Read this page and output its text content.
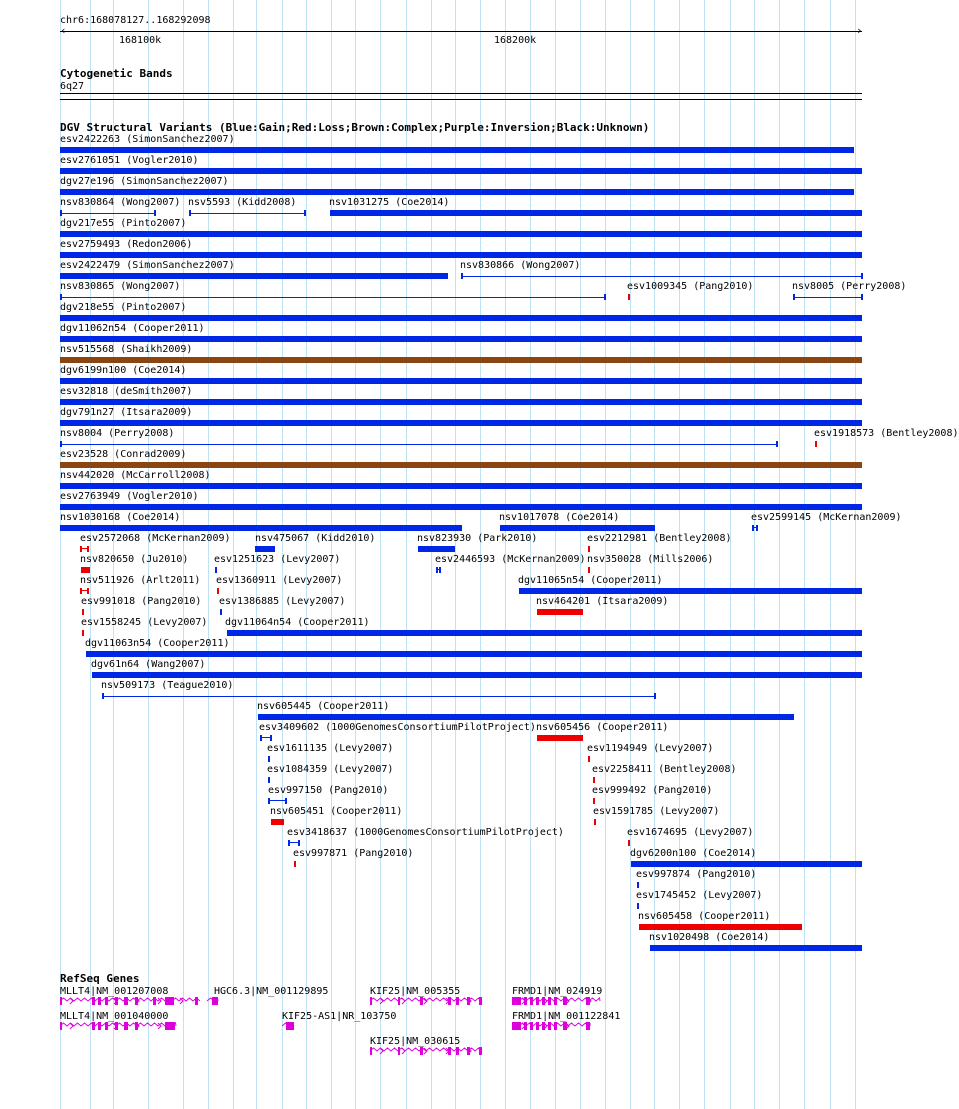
chr6:168078127..168292098
‹	›
168100k	168200k
Cytogenetic Bands
6q27
DGV Structural Variants (Blue:Gain;Red:Loss;Brown:Complex;Purple:Inversion;Black:Unknown)
esv2422263 (SimonSanchez2007)
esv2761051 (Vogler2010)
dgv27e196 (SimonSanchez2007)
nsv830864 (Wong2007) nsv5593 (Kidd2008)	nsv1031275 (Coe2014)
dgv217e55 (Pinto2007)
esv2759493 (Redon2006)
esv2422479 (SimonSanchez2007)	nsv830866 (Wong2007)
nsv830865 (Wong2007)	esv1009345 (Pang2010)	nsv8005 (Perry2008)
dgv218e55 (Pinto2007)
dgv11062n54 (Cooper2011)
nsv515568 (Shaikh2009)
dgv6199n100 (Coe2014)
esv32818 (deSmith2007)
dgv791n27 (Itsara2009)
nsv8004 (Perry2008)	esv1918573 (Bentley2008)
esv23528 (Conrad2009)
nsv442020 (McCarroll2008)
esv2763949 (Vogler2010)
nsv1030168 (Coe2014)	nsv1017078 (Coe2014)	esv2599145 (McKernan2009)
esv2572068 (McKernan2009) nsv475067 (Kidd2010)	nsv823930 (Park2010)	esv2212981 (Bentley2008)
nsv820650 (Ju2010)	esv1251623 (Levy2007)	esv2446593 (McKernan2009) nsv350028 (Mills2006)
nsv511926 (Arlt2011) esv1360911 (Levy2007)	dgv11065n54 (Cooper2011)
esv991018 (Pang2010) esv1386885 (Levy2007)	nsv464201 (Itsara2009)
esv1558245 (Levy2007) dgv11064n54 (Cooper2011)
dgv11063n54 (Cooper2011)
dgv61n64 (Wang2007)
nsv509173 (Teague2010)
nsv605445 (Cooper2011)
esv3409602 (1000GenomesConsortiumPilotProject) nsv605456 (Cooper2011)
esv1611135 (Levy2007)	esv1194949 (Levy2007)
esv1084359 (Levy2007)	esv2258411 (Bentley2008)
esv997150 (Pang2010)	esv999492 (Pang2010)
nsv605451 (Cooper2011)	esv1591785 (Levy2007)
esv3418637 (1000GenomesConsortiumPilotProject)	esv1674695 (Levy2007)
esv997871 (Pang2010)	dgv6200n100 (Coe2014)
esv997874 (Pang2010)
esv1745452 (Levy2007)
nsv605458 (Cooper2011)
nsv1020498 (Coe2014)
RefSeq Genes
MLLT4|NM_001207008	HGC6.3|NM_001129895	KIF25|NM_005355	FRMD1|NM_024919
MLLT4|NM_001040000	KIF25-AS1|NR_103750	FRMD1|NM_001122841
KIF25|NM_030615
